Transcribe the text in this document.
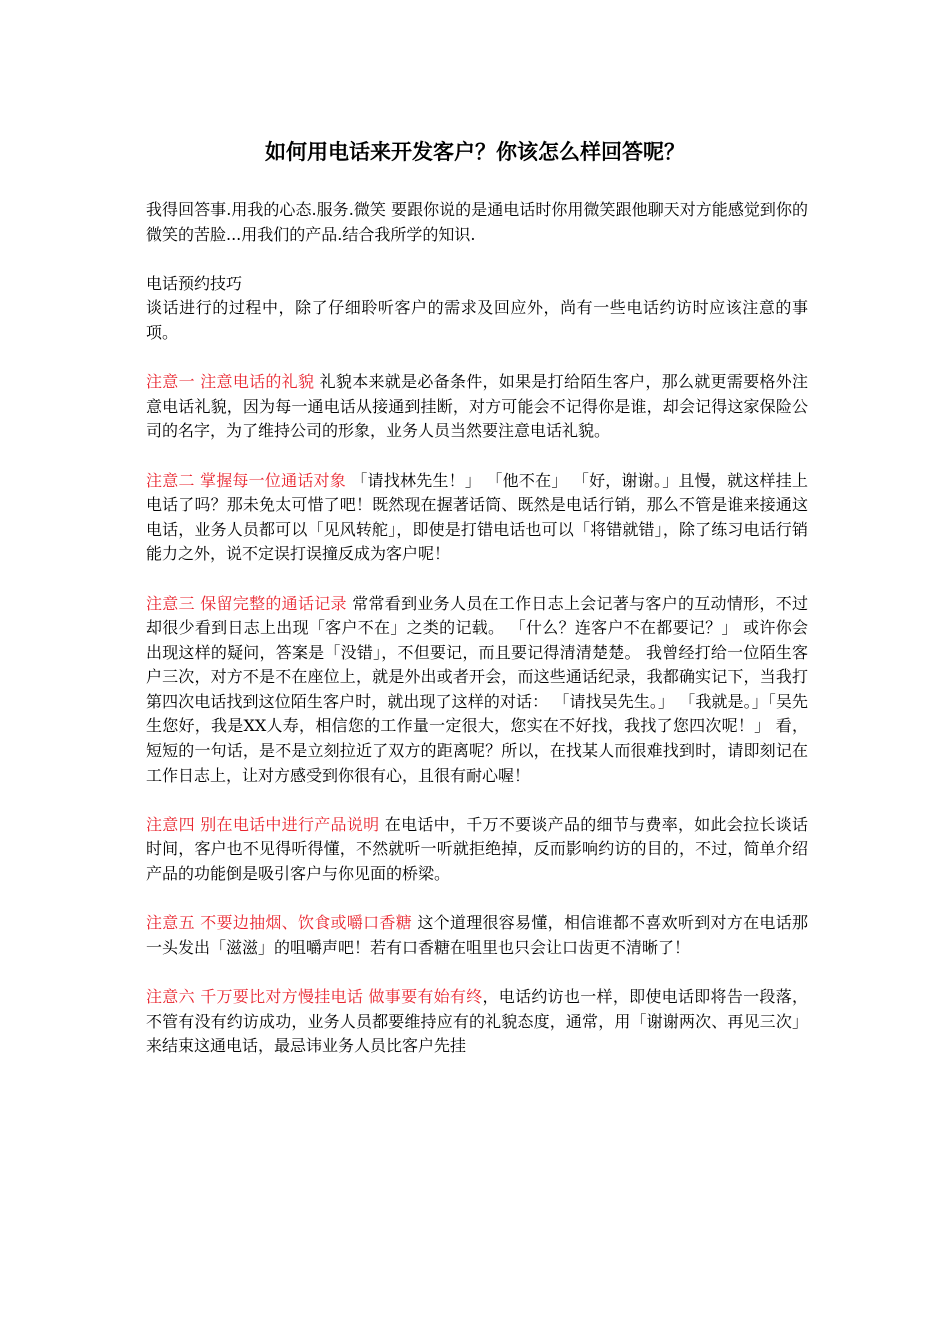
如何用电话来开发客户？你该怎么样回答呢？

我得回答事.用我的心态.服务.微笑 要跟你说的是通电话时你用微笑跟他聊天对方能感觉到你的微笑的苦脸...用我们的产品.结合我所学的知识.

电话预约技巧

谈话进行的过程中，除了仔细聆听客户的需求及回应外，尚有一些电话约访时应该注意的事项。

注意一 注意电话的礼貌 礼貌本来就是必备条件，如果是打给陌生客户，那么就更需要格外注意电话礼貌，因为每一通电话从接通到挂断，对方可能会不记得你是谁，却会记得这家保险公司的名字，为了维持公司的形象，业务人员当然要注意电话礼貌。

注意二 掌握每一位通话对象 「请找林先生！」 「他不在」 「好，谢谢。」且慢，就这样挂上电话了吗？那未免太可惜了吧！既然现在握著话筒、既然是电话行销，那么不管是谁来接通这电话，业务人员都可以「见风转舵」，即使是打错电话也可以「将错就错」，除了练习电话行销能力之外，说不定误打误撞反成为客户呢！

注意三 保留完整的通话记录 常常看到业务人员在工作日志上会记著与客户的互动情形，不过却很少看到日志上出现「客户不在」之类的记载。 「什么？连客户不在都要记？」 或许你会出现这样的疑问，答案是「没错」，不但要记，而且要记得清清楚楚。 我曾经打给一位陌生客户三次，对方不是不在座位上，就是外出或者开会，而这些通话纪录，我都确实记下，当我打第四次电话找到这位陌生客户时，就出现了这样的对话： 「请找吴先生。」 「我就是。」「吴先生您好，我是XX人寿，相信您的工作量一定很大，您实在不好找，我找了您四次呢！」 看，短短的一句话，是不是立刻拉近了双方的距离呢？所以，在找某人而很难找到时，请即刻记在工作日志上，让对方感受到你很有心，且很有耐心喔！

注意四 别在电话中进行产品说明 在电话中，千万不要谈产品的细节与费率，如此会拉长谈话时间，客户也不见得听得懂，不然就听一听就拒绝掉，反而影响约访的目的，不过，简单介绍产品的功能倒是吸引客户与你见面的桥梁。

注意五 不要边抽烟、饮食或嚼口香糖 这个道理很容易懂，相信谁都不喜欢听到对方在电话那一头发出「滋滋」的咀嚼声吧！若有口香糖在咀里也只会让口齿更不清晰了！

注意六 千万要比对方慢挂电话 做事要有始有终，电话约访也一样，即使电话即将告一段落，不管有没有约访成功，业务人员都要维持应有的礼貌态度，通常，用「谢谢两次、再见三次」来结束这通电话，最忌讳业务人员比客户先挂
